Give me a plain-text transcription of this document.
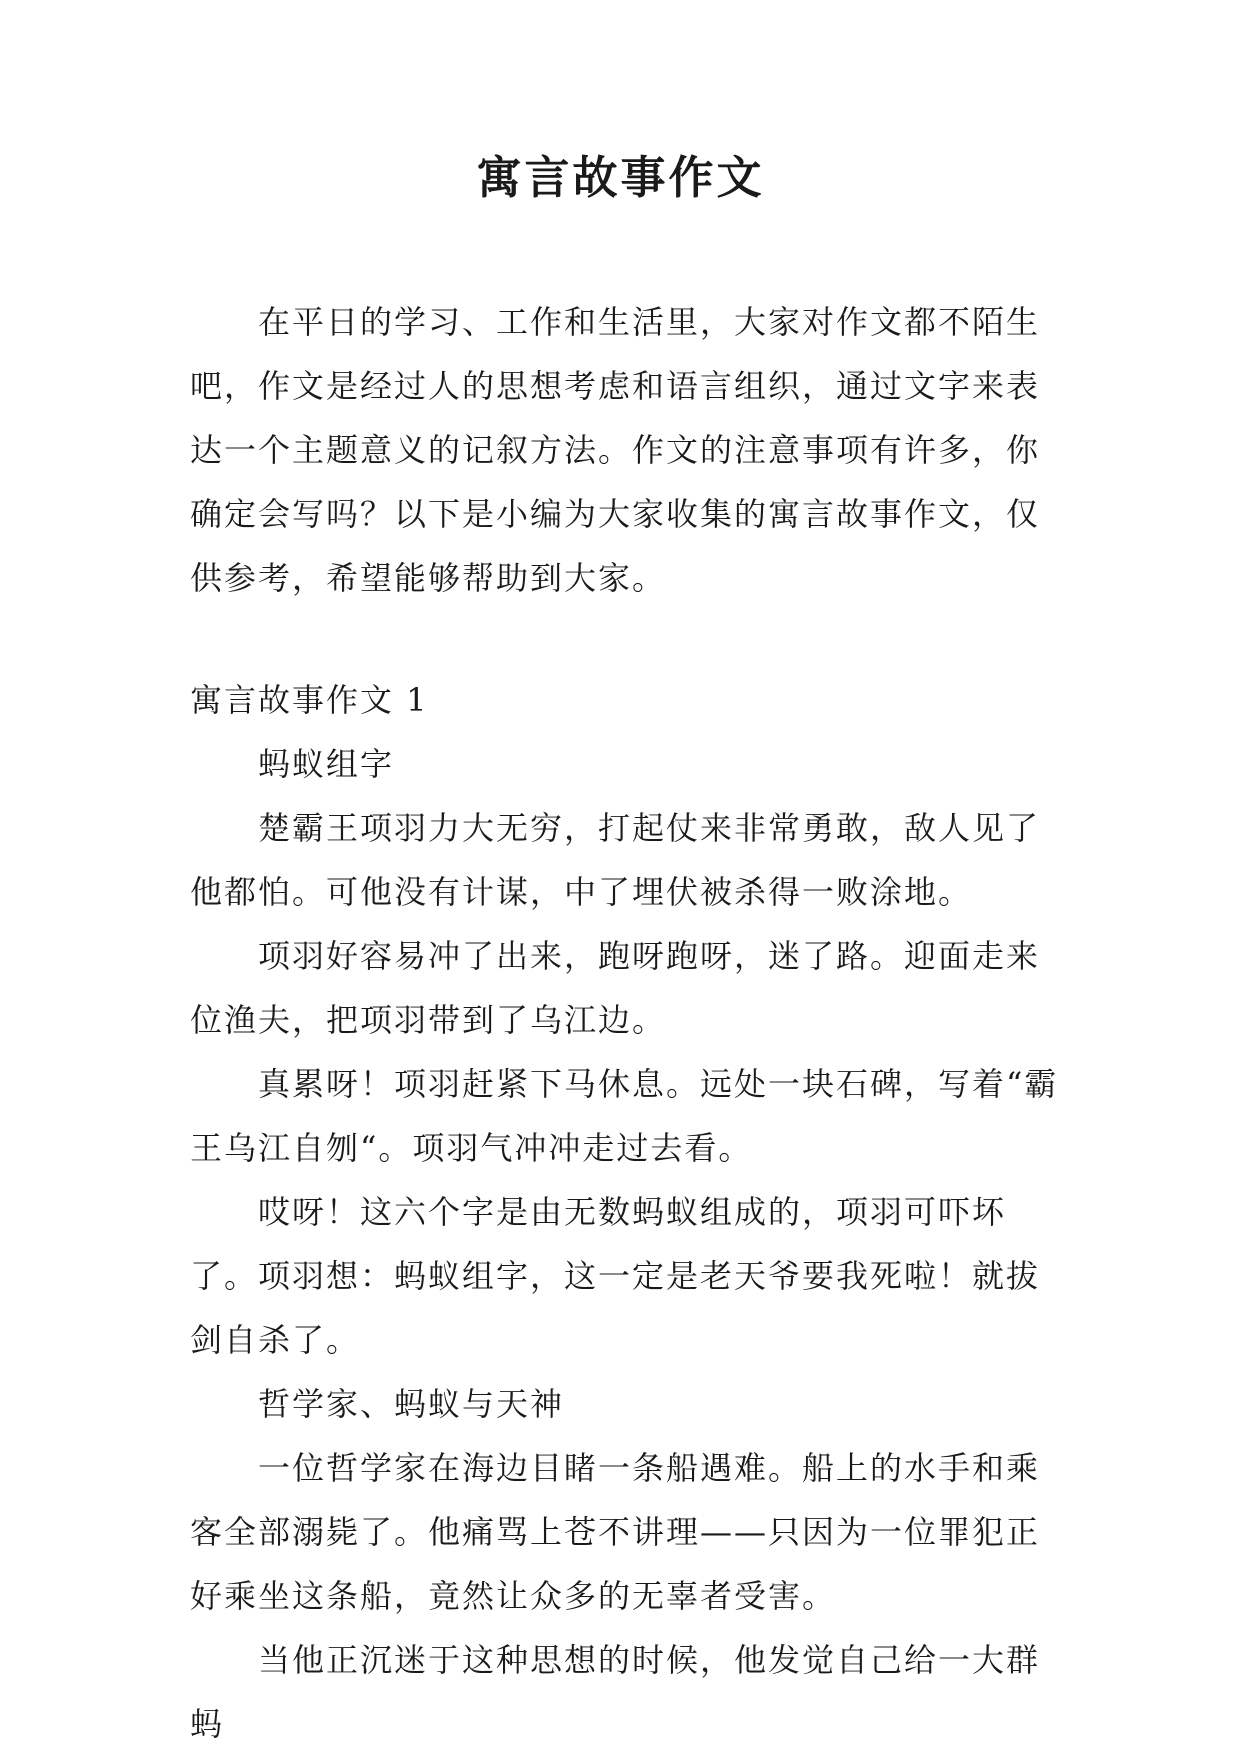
寓言故事作文

在平日的学习、工作和生活里，大家对作文都不陌生吧，作文是经过人的思想考虑和语言组织，通过文字来表达一个主题意义的记叙方法。作文的注意事项有许多，你确定会写吗？以下是小编为大家收集的寓言故事作文，仅供参考，希望能够帮助到大家。

寓言故事作文 1

蚂蚁组字

楚霸王项羽力大无穷，打起仗来非常勇敢，敌人见了他都怕。可他没有计谋，中了埋伏被杀得一败涂地。

项羽好容易冲了出来，跑呀跑呀，迷了路。迎面走来位渔夫，把项羽带到了乌江边。

真累呀！项羽赶紧下马休息。远处一块石碑，写着“霸王乌江自刎“。项羽气冲冲走过去看。

哎呀！这六个字是由无数蚂蚁组成的，项羽可吓坏了。项羽想：蚂蚁组字，这一定是老天爷要我死啦！就拔剑自杀了。

哲学家、蚂蚁与天神

一位哲学家在海边目睹一条船遇难。船上的水手和乘客全部溺毙了。他痛骂上苍不讲理——只因为一位罪犯正好乘坐这条船，竟然让众多的无辜者受害。

当他正沉迷于这种思想的时候，他发觉自己给一大群蚂
